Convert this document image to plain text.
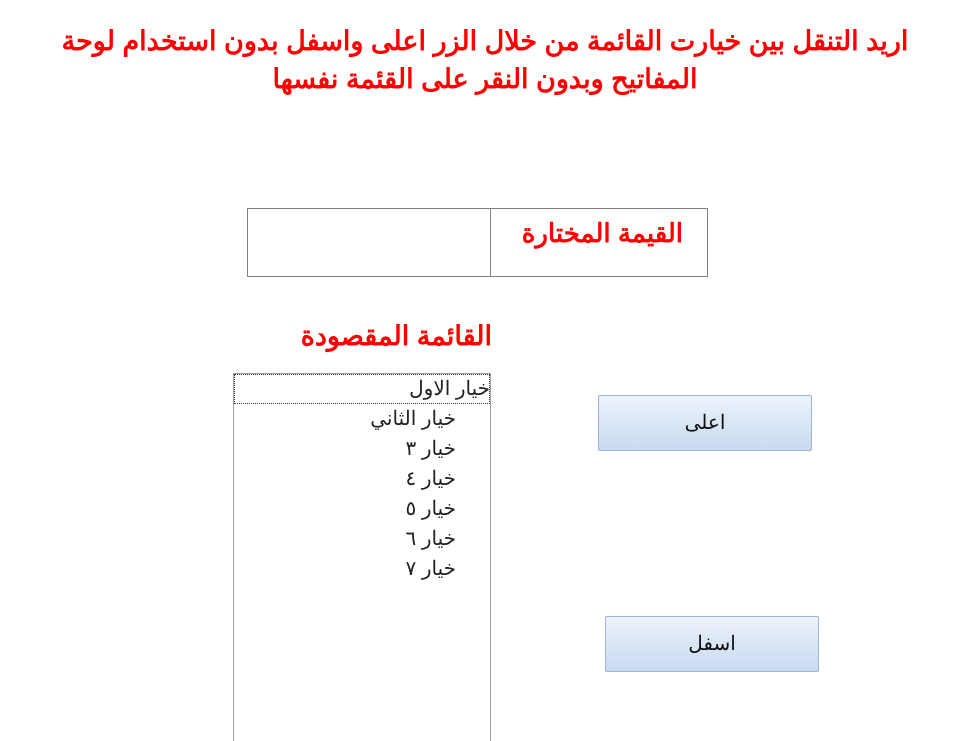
اريد التنقل بين خيارت القائمة من خلال الزر اعلى واسفل بدون استخدام لوحة المفاتيح وبدون النقر على القئمة نفسها

القيمة المختارة
القائمة المقصودة
خيار الاول
خيار الثاني
خيار ٣
خيار ٤
خيار ٥
خيار ٦
خيار ٧
اعلى
اسفل
